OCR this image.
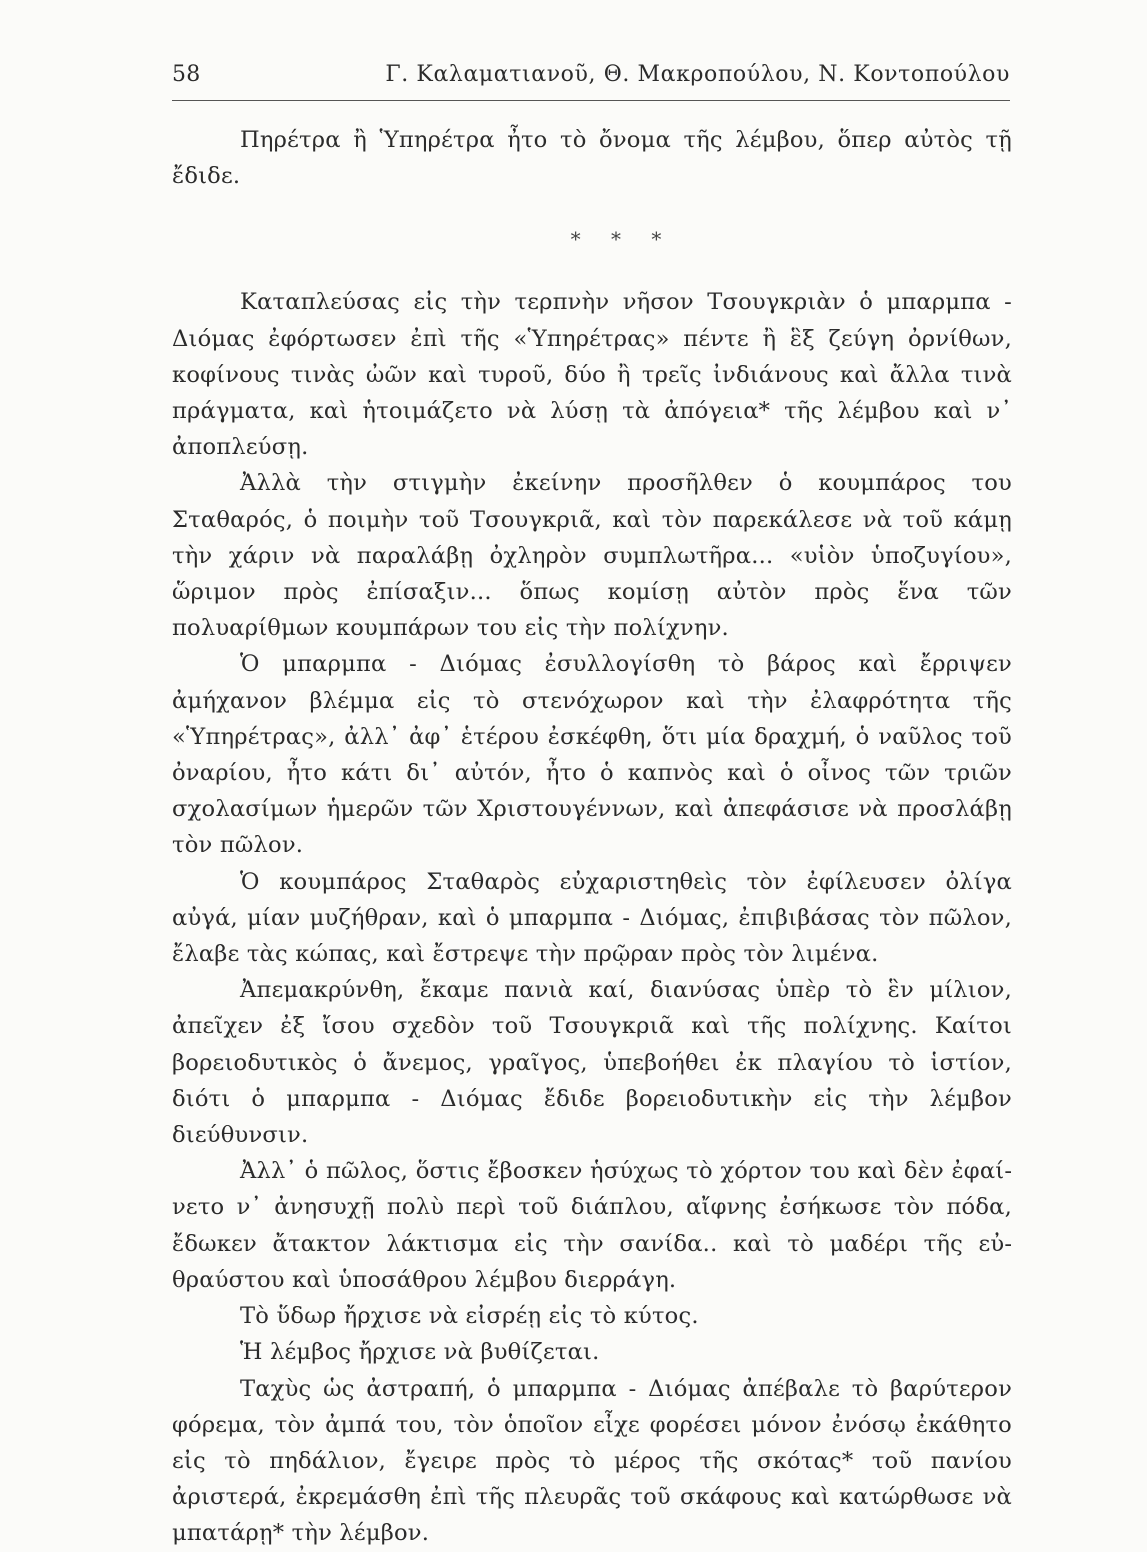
58	Γ. Καλαματιανοῦ, Θ. Μακροπούλου, Ν. Κοντοπούλου

Πηρέτρα ἢ Ὑπηρέτρα ἦτο τὸ ὄνομα τῆς λέμβου, ὅπερ αὐτὸς τῇ ἔδιδε.

* * *

Καταπλεύσας εἰς τὴν τερπνὴν νῆσον Τσουγκριὰν ὁ μπαρμπα - Διόμας ἐφόρτωσεν ἐπὶ τῆς «Ὑπηρέτρας» πέντε ἢ ἓξ ζεύγη ὀρνίθων, κοφίνους τινὰς ὠῶν καὶ τυροῦ, δύο ἢ τρεῖς ἰνδιάνους καὶ ἄλλα τινὰ πράγματα, καὶ ἡτοιμάζετο νὰ λύσῃ τὰ ἀπόγεια* τῆς λέμβου καὶ ν᾽ ἀποπλεύσῃ.

Ἀλλὰ τὴν στιγμὴν ἐκείνην προσῆλθεν ὁ κουμπάρος του Σταθαρός, ὁ ποιμὴν τοῦ Τσουγκριᾶ, καὶ τὸν παρεκάλεσε νὰ τοῦ κάμῃ τὴν χάριν νὰ παραλάβῃ ὀχληρὸν συμπλωτῆρα... «υἱὸν ὑποζυγίου», ὥριμον πρὸς ἐπίσαξιν... ὅπως κομίσῃ αὐτὸν πρὸς ἕνα τῶν πολυαρίθμων κουμπάρων του εἰς τὴν πολίχνην.

Ὁ μπαρμπα - Διόμας ἐσυλλογίσθη τὸ βάρος καὶ ἔρριψεν ἀμήχανον βλέμμα εἰς τὸ στενόχωρον καὶ τὴν ἐλαφρότητα τῆς «Ὑπηρέτρας», ἀλλ᾽ ἀφ᾽ ἑτέρου ἐσκέφθη, ὅτι μία δραχμή, ὁ ναῦλος τοῦ ὀναρίου, ἦτο κάτι δι᾽ αὐτόν, ἦτο ὁ καπνὸς καὶ ὁ οἶνος τῶν τριῶν σχολασίμων ἡμερῶν τῶν Χριστουγέννων, καὶ ἀπεφάσισε νὰ προσλάβῃ τὸν πῶλον.

Ὁ κουμπάρος Σταθαρὸς εὐχαριστηθεὶς τὸν ἐφίλευσεν ὀλίγα αὐγά, μίαν μυζήθραν, καὶ ὁ μπαρμπα - Διόμας, ἐπιβιβάσας τὸν πῶλον, ἔλαβε τὰς κώπας, καὶ ἔστρεψε τὴν πρῷραν πρὸς τὸν λιμένα.

Ἀπεμακρύνθη, ἔκαμε πανιὰ καί, διανύσας ὑπὲρ τὸ ἓν μίλιον, ἀπεῖχεν ἐξ ἴσου σχεδὸν τοῦ Τσουγκριᾶ καὶ τῆς πολίχνης. Καίτοι βορειοδυτικὸς ὁ ἄνεμος, γραῖγος, ὑπεβοήθει ἐκ πλαγίου τὸ ἱστίον, διότι ὁ μπαρμπα - Διόμας ἔδιδε βορειοδυτικὴν εἰς τὴν λέμβον διεύθυνσιν.

Ἀλλ᾽ ὁ πῶλος, ὅστις ἔβοσκεν ἡσύχως τὸ χόρτον του καὶ δὲν ἐφαίνετο ν᾽ ἀνησυχῇ πολὺ περὶ τοῦ διάπλου, αἴφνης ἐσήκωσε τὸν πόδα, ἔδωκεν ἄτακτον λάκτισμα εἰς τὴν σανίδα.. καὶ τὸ μαδέρι τῆς εὐθραύστου καὶ ὑποσάθρου λέμβου διερράγη.

Τὸ ὕδωρ ἤρχισε νὰ εἰσρέῃ εἰς τὸ κύτος.

Ἡ λέμβος ἤρχισε νὰ βυθίζεται.

Ταχὺς ὡς ἀστραπή, ὁ μπαρμπα - Διόμας ἀπέβαλε τὸ βαρύτερον φόρεμα, τὸν ἀμπά του, τὸν ὁποῖον εἶχε φορέσει μόνον ἐνόσῳ ἐκάθητο εἰς τὸ πηδάλιον, ἔγειρε πρὸς τὸ μέρος τῆς σκότας* τοῦ πανίου ἀριστερά, ἐκρεμάσθη ἐπὶ τῆς πλευρᾶς τοῦ σκάφους καὶ κατώρθωσε νὰ μπατάρῃ* τὴν λέμβον.
